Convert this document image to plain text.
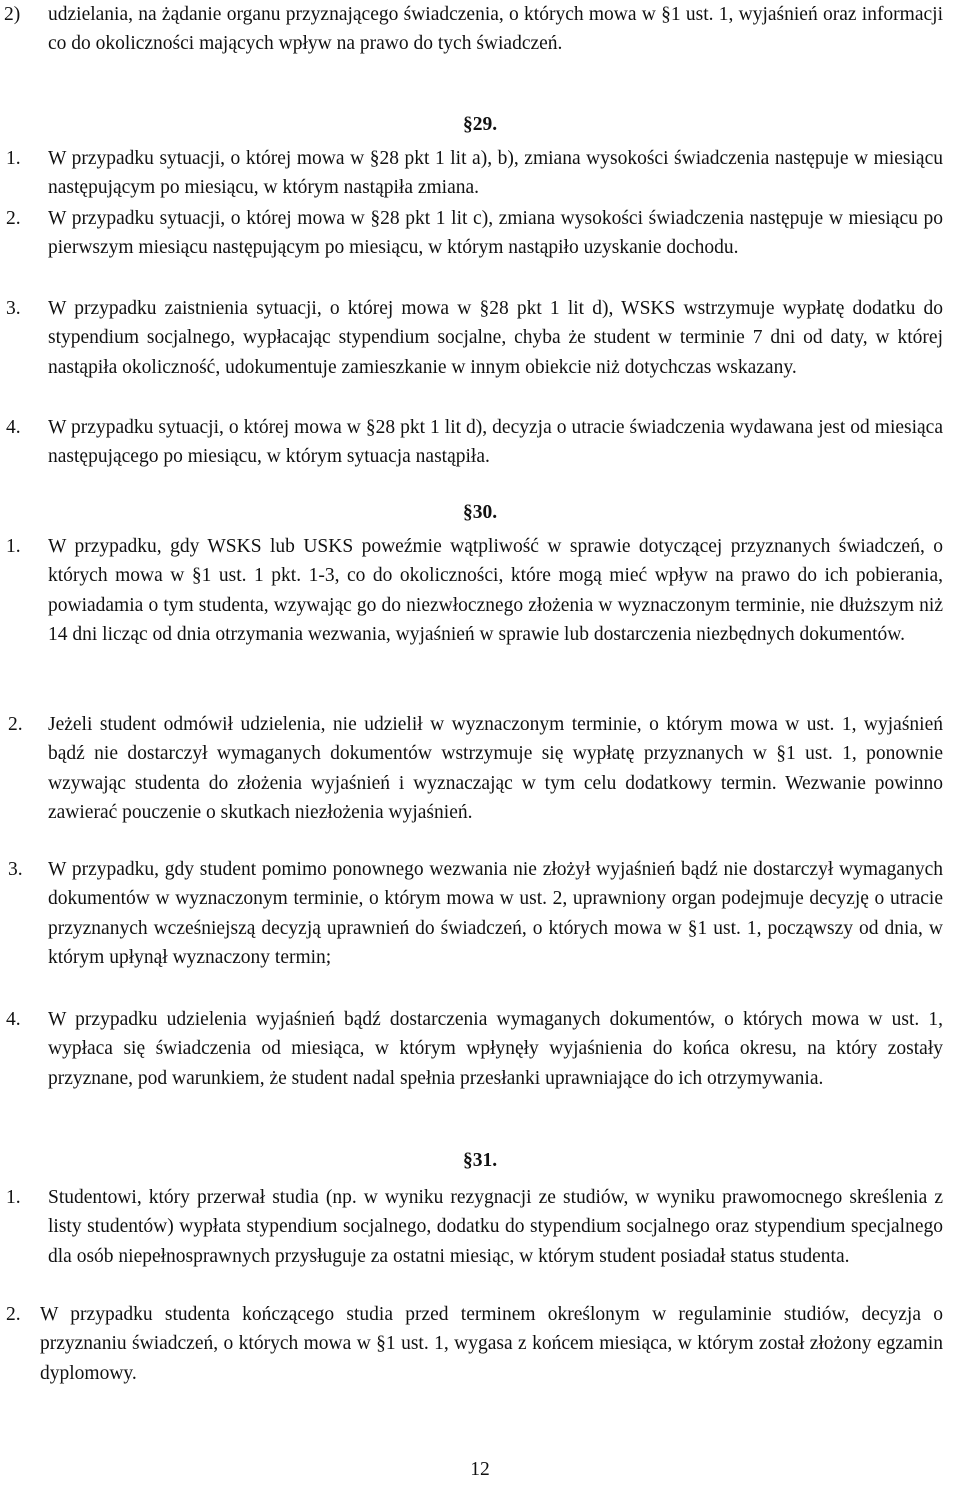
2) udzielania, na żądanie organu przyznającego świadczenia, o których mowa w §1 ust. 1, wyjaśnień oraz informacji co do okoliczności mających wpływ na prawo do tych świadczeń.
§29.
1. W przypadku sytuacji, o której mowa w §28 pkt 1 lit a), b), zmiana wysokości świadczenia następuje w miesiącu następującym po miesiącu, w którym nastąpiła zmiana.
2. W przypadku sytuacji, o której mowa w §28 pkt 1 lit c), zmiana wysokości świadczenia następuje w miesiącu po pierwszym miesiącu następującym po miesiącu, w którym nastąpiło uzyskanie dochodu.
3. W przypadku zaistnienia sytuacji, o której mowa w §28 pkt 1 lit d), WSKS wstrzymuje wypłatę dodatku do stypendium socjalnego, wypłacając stypendium socjalne, chyba że student w terminie 7 dni od daty, w której nastąpiła okoliczność, udokumentuje zamieszkanie w innym obiekcie niż dotychczas wskazany.
4. W przypadku sytuacji, o której mowa w §28 pkt 1 lit d), decyzja o utracie świadczenia wydawana jest od miesiąca następującego po miesiącu, w którym sytuacja nastąpiła.
§30.
1. W przypadku, gdy WSKS lub USKS poweźmie wątpliwość w sprawie dotyczącej przyznanych świadczeń, o których mowa w §1 ust. 1 pkt. 1-3, co do okoliczności, które mogą mieć wpływ na prawo do ich pobierania, powiadamia o tym studenta, wzywając go do niezwłocznego złożenia w wyznaczonym terminie, nie dłuższym niż 14 dni licząc od dnia otrzymania wezwania, wyjaśnień w sprawie lub dostarczenia niezbędnych dokumentów.
2. Jeżeli student odmówił udzielenia, nie udzielił w wyznaczonym terminie, o którym mowa w ust. 1, wyjaśnień bądź nie dostarczył wymaganych dokumentów wstrzymuje się wypłatę przyznanych w §1 ust. 1, ponownie wzywając studenta do złożenia wyjaśnień i wyznaczając w tym celu dodatkowy termin. Wezwanie powinno zawierać pouczenie o skutkach niezłożenia wyjaśnień.
3. W przypadku, gdy student pomimo ponownego wezwania nie złożył wyjaśnień bądź nie dostarczył wymaganych dokumentów w wyznaczonym terminie, o którym mowa w ust. 2, uprawniony organ podejmuje decyzję o utracie przyznanych wcześniejszą decyzją uprawnień do świadczeń, o których mowa w §1 ust. 1, począwszy od dnia, w którym upłynął wyznaczony termin;
4. W przypadku udzielenia wyjaśnień bądź dostarczenia wymaganych dokumentów, o których mowa w ust. 1, wypłaca się świadczenia od miesiąca, w którym wpłynęły wyjaśnienia do końca okresu, na który zostały przyznane, pod warunkiem, że student nadal spełnia przesłanki uprawniające do ich otrzymywania.
§31.
1. Studentowi, który przerwał studia (np. w wyniku rezygnacji ze studiów, w wyniku prawomocnego skreślenia z listy studentów) wypłata stypendium socjalnego, dodatku do stypendium socjalnego oraz stypendium specjalnego dla osób niepełnosprawnych przysługuje za ostatni miesiąc, w którym student posiadał status studenta.
2. W przypadku studenta kończącego studia przed terminem określonym w regulaminie studiów, decyzja o przyznaniu świadczeń, o których mowa w §1 ust. 1, wygasa z końcem miesiąca, w którym został złożony egzamin dyplomowy.
12
